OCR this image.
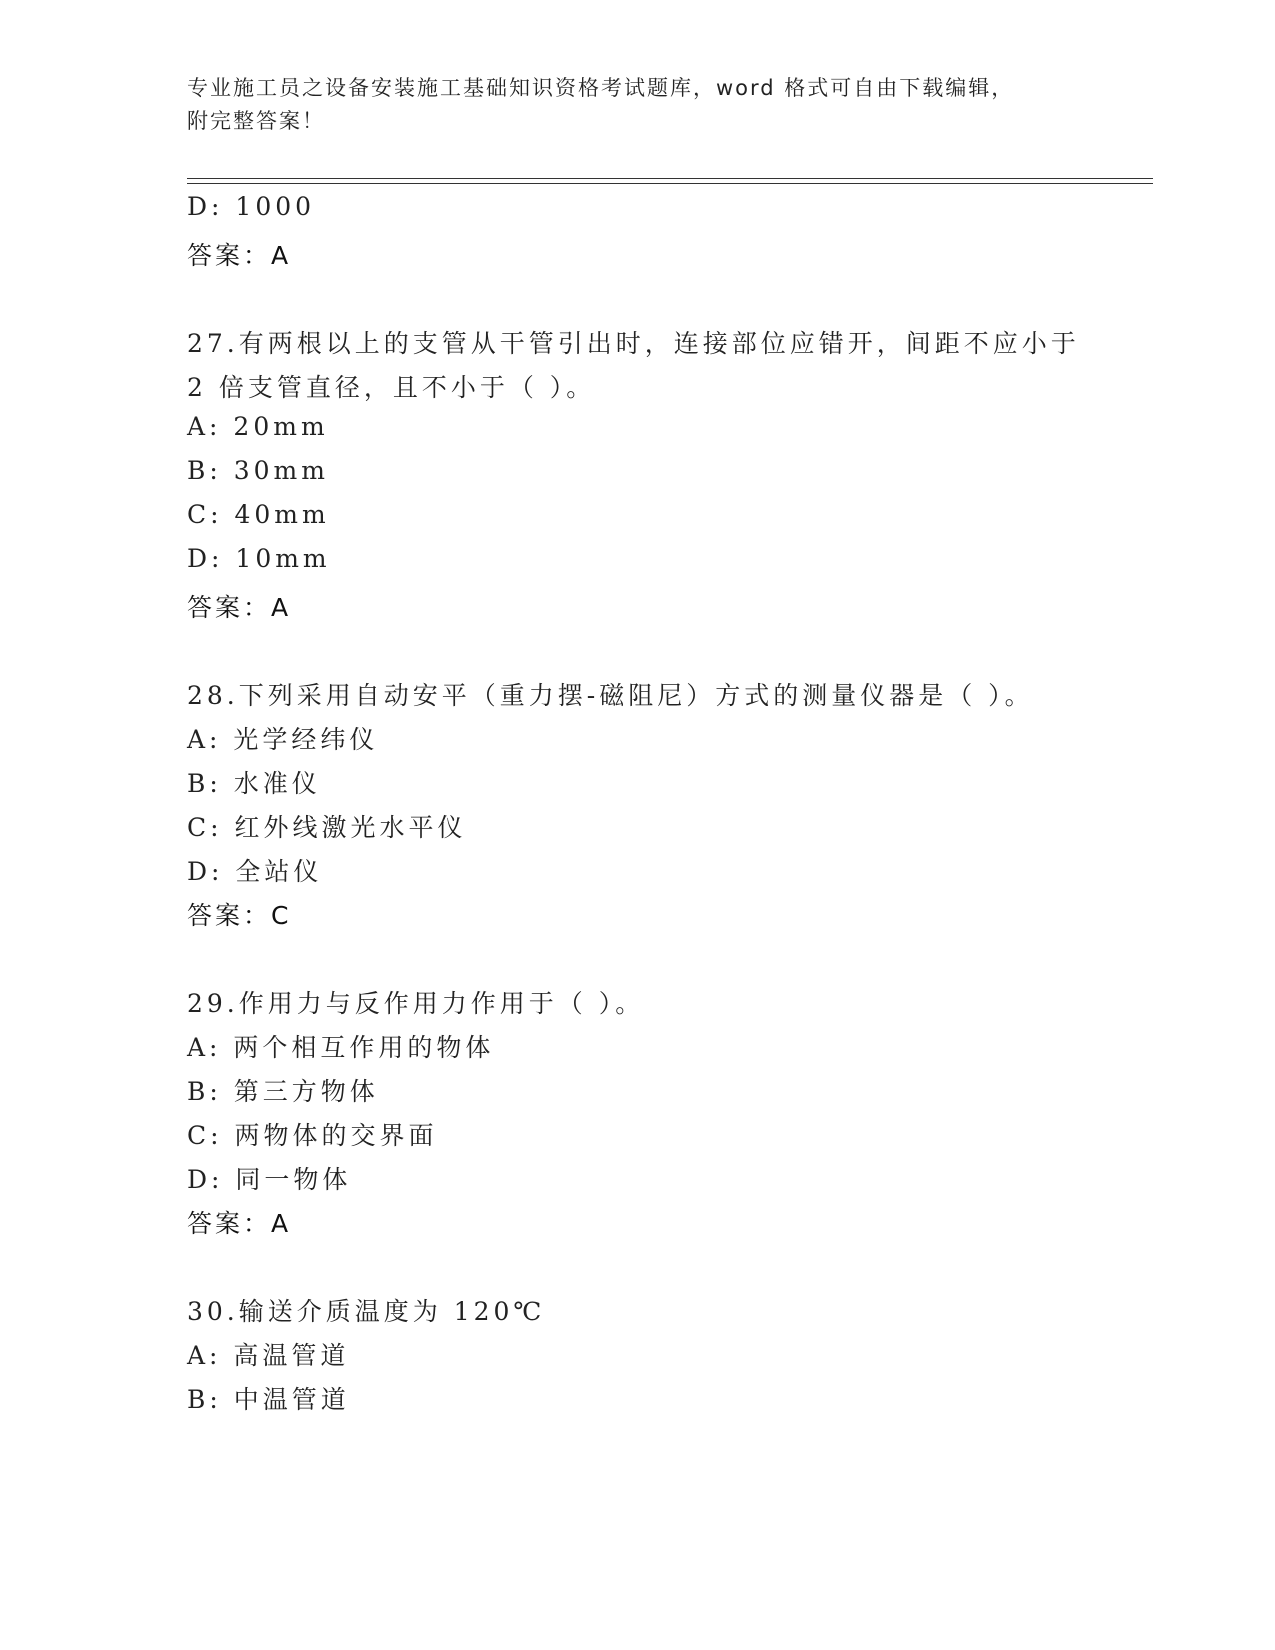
专业施工员之设备安装施工基础知识资格考试题库，word 格式可自由下载编辑，
附完整答案！
D: 1000
答案：A
27.有两根以上的支管从干管引出时，连接部位应错开，间距不应小于
2 倍支管直径，且不小于（ ）。
A: 20mm
B: 30mm
C: 40mm
D: 10mm
答案：A
28.下列采用自动安平（重力摆-磁阻尼）方式的测量仪器是（ ）。
A: 光学经纬仪
B: 水准仪
C: 红外线激光水平仪
D: 全站仪
答案：C
29.作用力与反作用力作用于（ ）。
A: 两个相互作用的物体
B: 第三方物体
C: 两物体的交界面
D: 同一物体
答案：A
30.输送介质温度为 120℃
A: 高温管道
B: 中温管道
